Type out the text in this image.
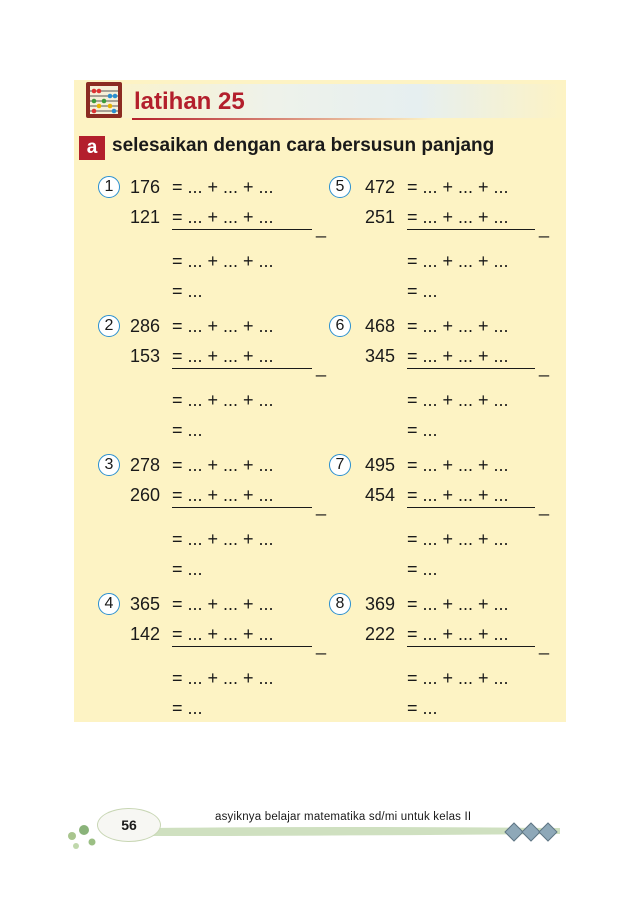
latihan 25
a selesaikan dengan cara bersusun panjang
1 176 = ... + ... + ...
121 = ... + ... + ...
_
= ... + ... + ...
= ...
2 286 = ... + ... + ...
153 = ... + ... + ...
_
= ... + ... + ...
= ...
3 278 = ... + ... + ...
260 = ... + ... + ...
_
= ... + ... + ...
= ...
4 365 = ... + ... + ...
142 = ... + ... + ...
_
= ... + ... + ...
= ...
5	472 = ... + ... + ...
251 = ... + ... + ...
_
= ... + ... + ...
= ...
6	468 = ... + ... + ...
345 = ... + ... + ...
_
= ... + ... + ...
= ...
7	495 = ... + ... + ...
454 = ... + ... + ...
_
= ... + ... + ...
= ...
8	369 = ... + ... + ...
222 = ... + ... + ...
_
= ... + ... + ...
= ...
56	asyiknya belajar matematika sd/mi untuk kelas II
